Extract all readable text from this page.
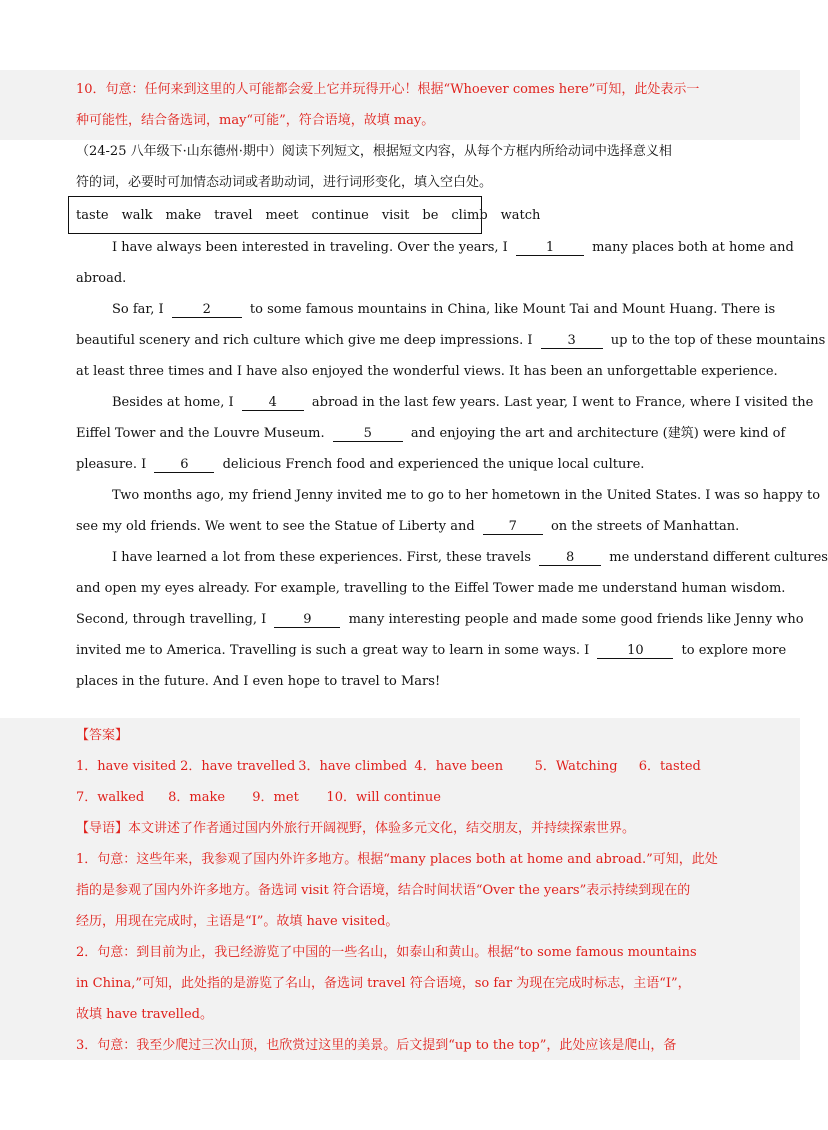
10．句意：任何来到这里的人可能都会爱上它并玩得开心！根据“Whoever comes here”可知，此处表示一
种可能性，结合备选词，may“可能”，符合语境，故填 may。
（24-25 八年级下·山东德州·期中）阅读下列短文，根据短文内容，从每个方框内所给动词中选择意义相
符的词，必要时可加情态动词或者助动词，进行词形变化，填入空白处。
taste walk make travel meet continue visit be climb watch
I have always been interested in traveling. Over the years, I	1	many places both at home and
abroad.
So far, I	2	to some famous mountains in China, like Mount Tai and Mount Huang. There is
beautiful scenery and rich culture which give me deep impressions. I	3	up to the top of these mountains
at least three times and I have also enjoyed the wonderful views. It has been an unforgettable experience.
Besides at home, I	4	abroad in the last few years. Last year, I went to France, where I visited the
Eiffel Tower and the Louvre Museum.	5	and enjoying the art and architecture (建筑) were kind of
pleasure. I	6	delicious French food and experienced the unique local culture.
Two months ago, my friend Jenny invited me to go to her hometown in the United States. I was so happy to
see my old friends. We went to see the Statue of Liberty and	7	on the streets of Manhattan.
I have learned a lot from these experiences. First, these travels	8	me understand different cultures
and open my eyes already. For example, travelling to the Eiffel Tower made me understand human wisdom.
Second, through travelling, I	9	many interesting people and made some good friends like Jenny who
invited me to America. Travelling is such a great way to learn in some ways. I	10	to explore more
places in the future. And I even hope to travel to Mars!
【答案】
1．have visited 2．have travelled 3．have climbed 4．have been 5．Watching 6．tasted
7．walked 8．make 9．met 10．will continue
【导语】本文讲述了作者通过国内外旅行开阔视野，体验多元文化，结交朋友，并持续探索世界。
1．句意：这些年来，我参观了国内外许多地方。根据“many places both at home and abroad.”可知，此处
指的是参观了国内外许多地方。备选词 visit 符合语境，结合时间状语“Over the years”表示持续到现在的
经历，用现在完成时，主语是“I”。故填 have visited。
2．句意：到目前为止，我已经游览了中国的一些名山，如泰山和黄山。根据“to some famous mountains
in China,”可知，此处指的是游览了名山，备选词 travel 符合语境，so far 为现在完成时标志，主语“I”，
故填 have travelled。
3．句意：我至少爬过三次山顶，也欣赏过这里的美景。后文提到“up to the top”，此处应该是爬山，备
